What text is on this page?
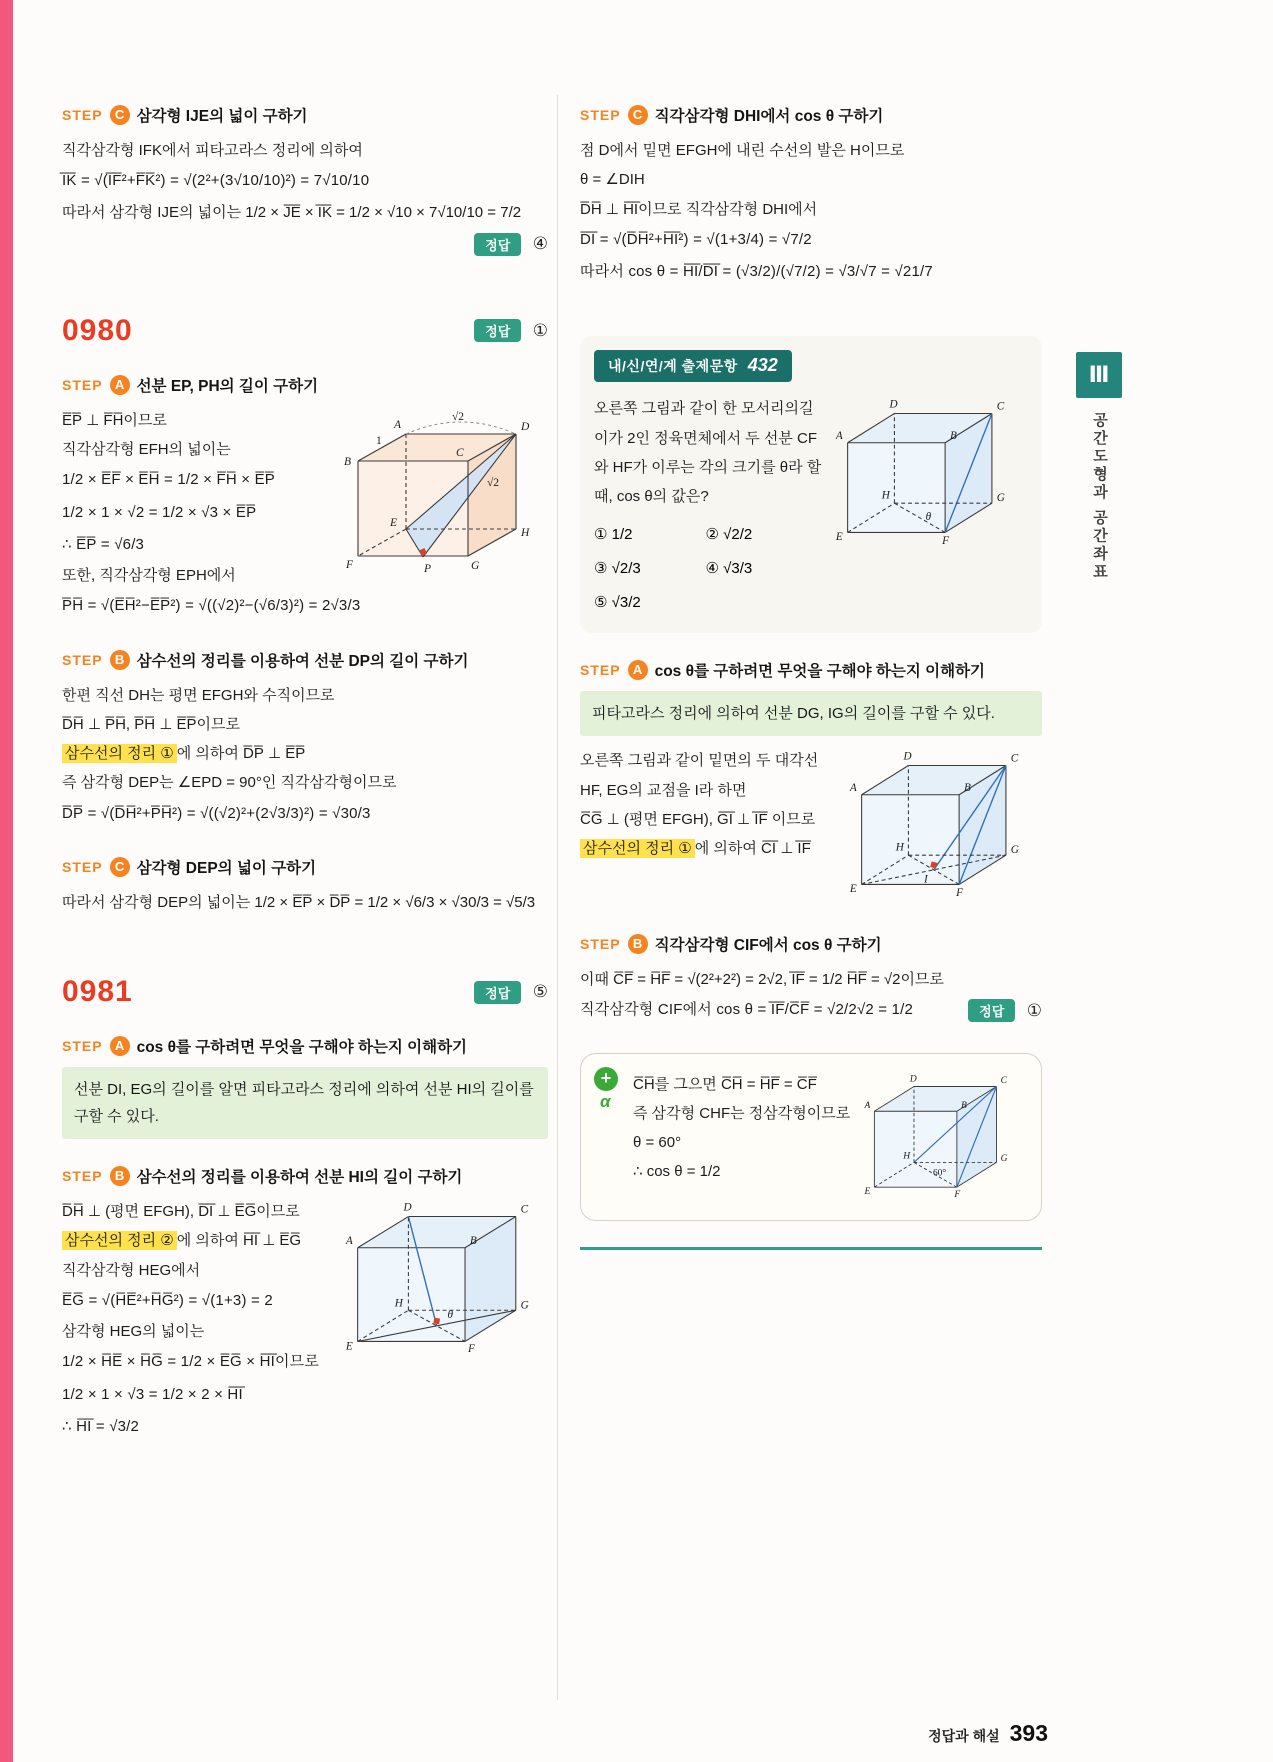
STEP C 삼각형 IJE의 넓이 구하기

직각삼각형 IFK에서 피타고라스 정리에 의하여

I̅K̅ = √(I̅F̅²+F̅K̅²) = √(2²+(3√10/10)²) = 7√10/10

따라서 삼각형 IJE의 넓이는 1/2 × J̅E̅ × I̅K̅ = 1/2 × √10 × 7√10/10 = 7/2

정답 ④
0980	정답 ①
STEP A 선분 EP, PH의 길이 구하기

E̅P̅ ⊥ F̅H̅이므로

직각삼각형 EFH의 넓이는

1/2 × E̅F̅ × E̅H̅ = 1/2 × F̅H̅ × E̅P̅

1/2 × 1 × √2 = 1/2 × √3 × E̅P̅

∴ E̅P̅ = √6/3

또한, 직각삼각형 EPH에서

A	D
B
C
E
H
F	G
P
1
√2
√2

P̅H̅ = √(E̅H̅²−E̅P̅²) = √((√2)²−(√6/3)²) = 2√3/3

STEP B 삼수선의 정리를 이용하여 선분 DP의 길이 구하기

한편 직선 DH는 평면 EFGH와 수직이므로

D̅H̅ ⊥ P̅H̅, P̅H̅ ⊥ E̅P̅이므로

삼수선의 정리 ① 에 의하여 D̅P̅ ⊥ E̅P̅

즉 삼각형 DEP는 ∠EPD = 90°인 직각삼각형이므로

D̅P̅ = √(D̅H̅²+P̅H̅²) = √((√2)²+(2√3/3)²) = √30/3

STEP C 삼각형 DEP의 넓이 구하기

따라서 삼각형 DEP의 넓이는 1/2 × E̅P̅ × D̅P̅ = 1/2 × √6/3 × √30/3 = √5/3

0981	정답 ⑤
STEP A cos θ를 구하려면 무엇을 구해야 하는지 이해하기
선분 DI, EG의 길이를 알면 피타고라스 정리에 의하여 선분 HI의 길이를 구할 수 있다.
STEP B 삼수선의 정리를 이용하여 선분 HI의 길이 구하기

D̅H̅ ⊥ (평면 EFGH), D̅I̅ ⊥ E̅G̅이므로

삼수선의 정리 ② 에 의하여 H̅I̅ ⊥ E̅G̅

직각삼각형 HEG에서

E̅G̅ = √(H̅E̅²+H̅G̅²) = √(1+3) = 2

삼각형 HEG의 넓이는

1/2 × H̅E̅ × H̅G̅ = 1/2 × E̅G̅ × H̅I̅이므로

1/2 × 1 × √3 = 1/2 × 2 × H̅I̅

∴ H̅I̅ = √3/2

D	C
A	B
H	G
E	F
θ
STEP C 직각삼각형 DHI에서 cos θ 구하기

점 D에서 밑면 EFGH에 내린 수선의 발은 H이므로

θ = ∠DIH

D̅H̅ ⊥ H̅I̅이므로 직각삼각형 DHI에서

D̅I̅ = √(D̅H̅²+H̅I̅²) = √(1+3/4) = √7/2

따라서 cos θ = H̅I̅/D̅I̅ = (√3/2)/(√7/2) = √3/√7 = √21/7

내/신/연/계 출제문항 432

오른쪽 그림과 같이 한 모서리의길이가 2인 정육면체에서 두 선분 CF와 HF가 이루는 각의 크기를 θ라 할 때, cos θ의 값은?

① 1/2	② √2/2
③ √2/3	④ √3/3
⑤ √3/2
D	C
A	B
H	G
E	F
θ
STEP A cos θ를 구하려면 무엇을 구해야 하는지 이해하기
피타고라스 정리에 의하여 선분 DG, IG의 길이를 구할 수 있다.

오른쪽 그림과 같이 밑면의 두 대각선 HF, EG의 교점을 I라 하면

C̅G̅ ⊥ (평면 EFGH), G̅I̅ ⊥ I̅F̅ 이므로

삼수선의 정리 ① 에 의하여 C̅I̅ ⊥ I̅F̅

D	C
A	B
H	G
E	F
I
STEP B 직각삼각형 CIF에서 cos θ 구하기

이때 C̅F̅ = H̅F̅ = √(2²+2²) = 2√2, I̅F̅ = 1/2 H̅F̅ = √2이므로

직각삼각형 CIF에서 cos θ = I̅F̅/C̅F̅ = √2/2√2 = 1/2	정답 ①
+
α

C̅H̅를 그으면 C̅H̅ = H̅F̅ = C̅F̅

즉 삼각형 CHF는 정삼각형이므로

θ = 60°

∴ cos θ = 1/2

D	C
A	B
H	G
E	F
60°
Ⅲ
공간도형과 공간좌표
정답과 해설 393
